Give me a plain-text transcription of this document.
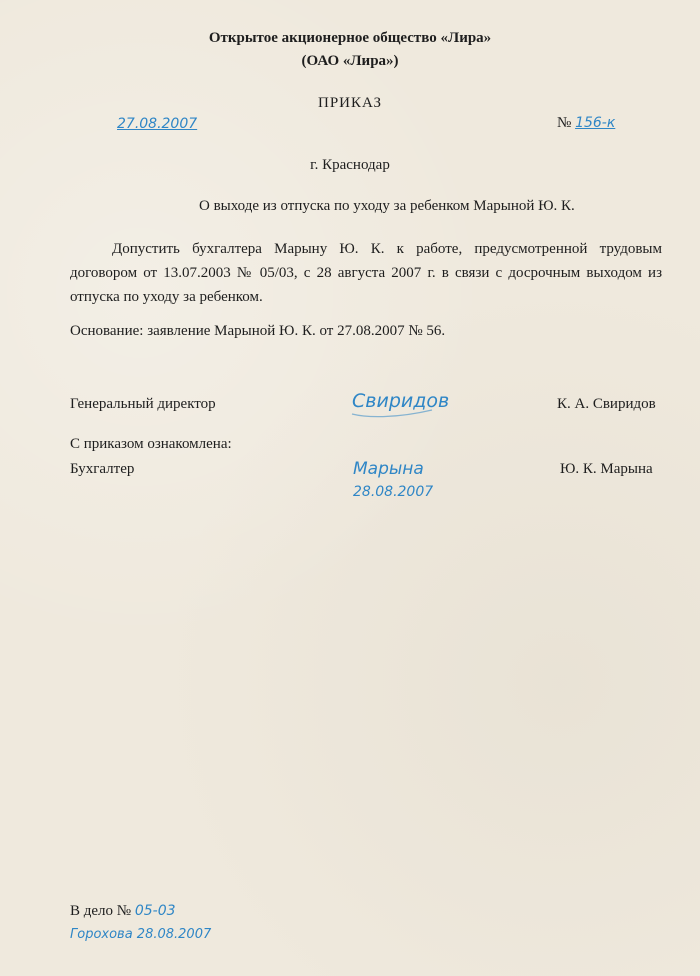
Открытое акционерное общество «Лира»
(ОАО «Лира»)
ПРИКАЗ
27.08.2007	№ 156-к
г. Краснодар
О выходе из отпуска по уходу за ребенком Марыной Ю. К.
Допустить бухгалтера Марыну Ю. К. к работе, предусмотренной трудовым договором от 13.07.2003 № 05/03, с 28 августа 2007 г. в связи с досрочным выходом из отпуска по уходу за ребенком.
Основание: заявление Марыной Ю. К. от 27.08.2007 № 56.
Генеральный директор	Свиридов	К. А. Свиридов
С приказом ознакомлена:
Бухгалтер	Марына
28.08.2007
Ю. К. Марына
В дело № 05-03
Горохова 28.08.2007
